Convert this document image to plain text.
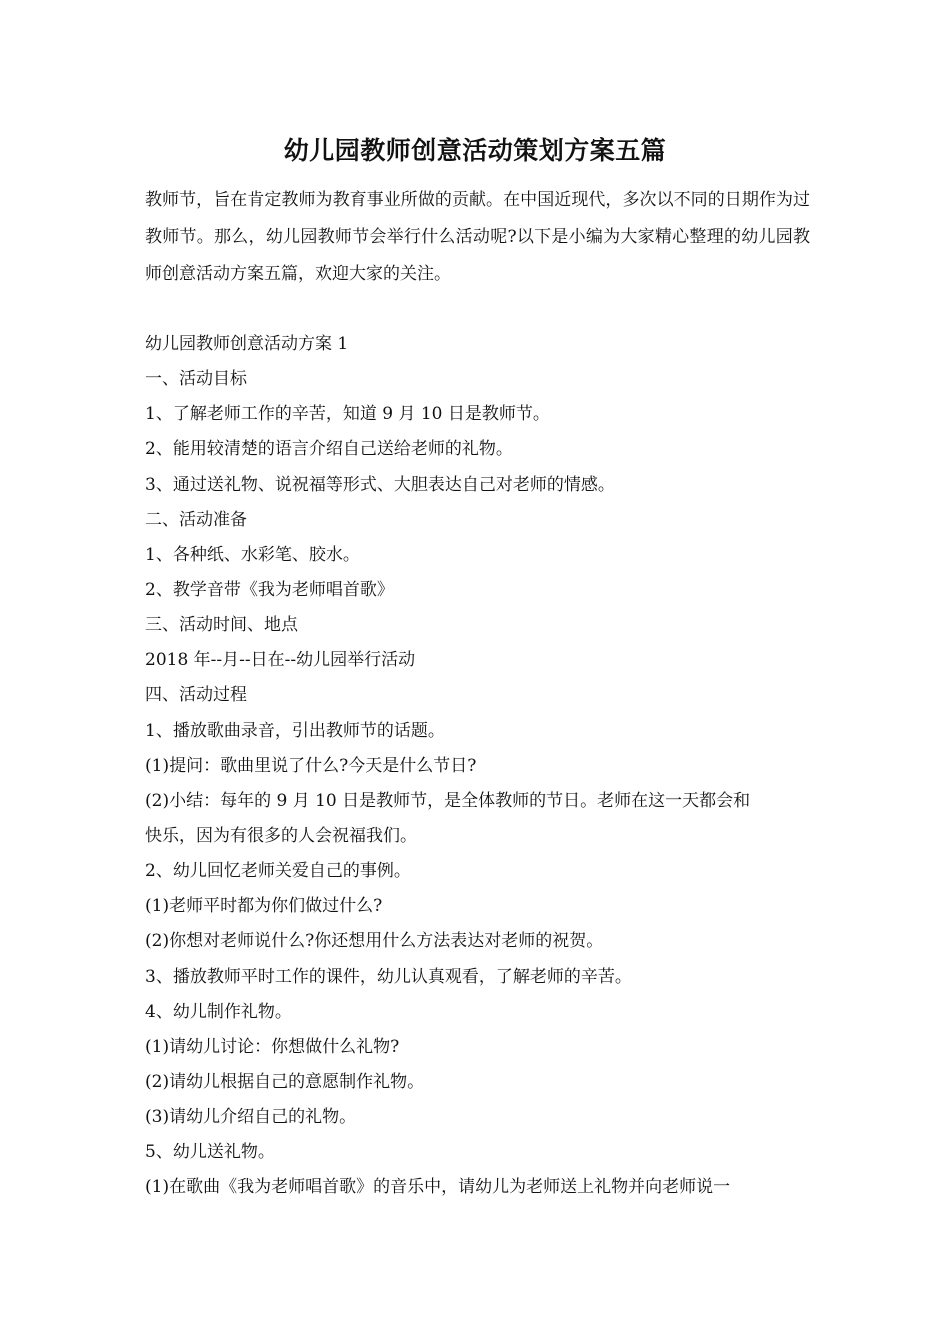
幼儿园教师创意活动策划方案五篇

教师节，旨在肯定教师为教育事业所做的贡献。在中国近现代，多次以不同的日期作为过教师节。那么，幼儿园教师节会举行什么活动呢?以下是小编为大家精心整理的幼儿园教师创意活动方案五篇，欢迎大家的关注。

幼儿园教师创意活动方案 1
一、活动目标
1、了解老师工作的辛苦，知道 9 月 10 日是教师节。
2、能用较清楚的语言介绍自己送给老师的礼物。
3、通过送礼物、说祝福等形式、大胆表达自己对老师的情感。
二、活动准备
1、各种纸、水彩笔、胶水。
2、教学音带《我为老师唱首歌》
三、活动时间、地点
2018 年--月--日在--幼儿园举行活动
四、活动过程
1、播放歌曲录音，引出教师节的话题。
(1)提问：歌曲里说了什么?今天是什么节日?
(2)小结：每年的 9 月 10 日是教师节，是全体教师的节日。老师在这一天都会和
快乐，因为有很多的人会祝福我们。
2、幼儿回忆老师关爱自己的事例。
(1)老师平时都为你们做过什么?
(2)你想对老师说什么?你还想用什么方法表达对老师的祝贺。
3、播放教师平时工作的课件，幼儿认真观看，了解老师的辛苦。
4、幼儿制作礼物。
(1)请幼儿讨论：你想做什么礼物?
(2)请幼儿根据自己的意愿制作礼物。
(3)请幼儿介绍自己的礼物。
5、幼儿送礼物。
(1)在歌曲《我为老师唱首歌》的音乐中，请幼儿为老师送上礼物并向老师说一
